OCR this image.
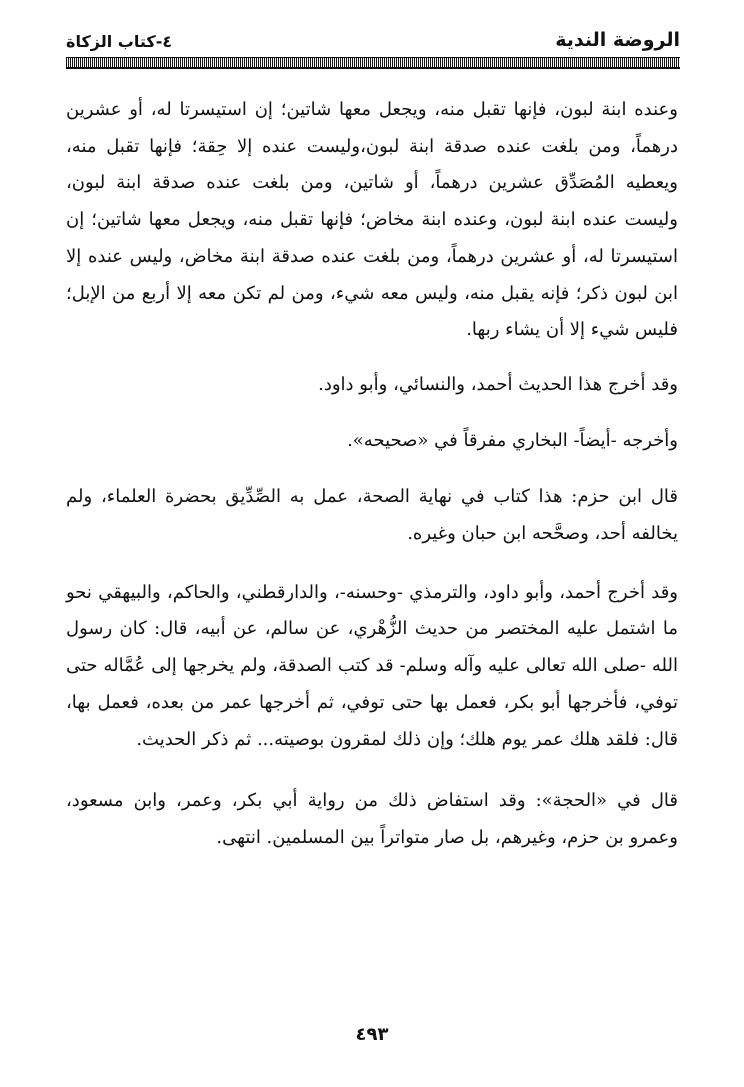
الروضة الندية
٤-كتاب الزكاة

وعنده ابنة لبون، فإنها تقبل منه، ويجعل معها شاتين؛ إن استيسرتا له، أو عشرين درهماً، ومن بلغت عنده صدقة ابنة لبون،وليست عنده إلا حِقة؛ فإنها تقبل منه، ويعطيه المُصَدِّق عشرين درهماً، أو شاتين، ومن بلغت عنده صدقة ابنة لبون، وليست عنده ابنة لبون، وعنده ابنة مخاض؛ فإنها تقبل منه، ويجعل معها شاتين؛ إن استيسرتا له، أو عشرين درهماً، ومن بلغت عنده صدقة ابنة مخاض، وليس عنده إلا ابن لبون ذكر؛ فإنه يقبل منه، وليس معه شيء، ومن لم تكن معه إلا أربع من الإبل؛ فليس شيء إلا أن يشاء ربها.

وقد أخرج هذا الحديث أحمد، والنسائي، وأبو داود.

وأخرجه -أيضاً- البخاري مفرقاً في «صحيحه».

قال ابن حزم: هذا كتاب في نهاية الصحة، عمل به الصِّدِّيق بحضرة العلماء، ولم يخالفه أحد، وصحَّحه ابن حبان وغيره.

وقد أخرج أحمد، وأبو داود، والترمذي -وحسنه-، والدارقطني، والحاكم، والبيهقي نحو ما اشتمل عليه المختصر من حديث الزُّهْري، عن سالم، عن أبيه، قال: كان رسول الله -صلى الله تعالى عليه وآله وسلم- قد كتب الصدقة، ولم يخرجها إلى عُمَّاله حتى توفي، فأخرجها أبو بكر، فعمل بها حتى توفي، ثم أخرجها عمر من بعده، فعمل بها، قال: فلقد هلك عمر يوم هلك؛ وإن ذلك لمقرون بوصيته... ثم ذكر الحديث.

قال في «الحجة»: وقد استفاض ذلك من رواية أبي بكر، وعمر، وابن مسعود، وعمرو بن حزم، وغيرهم، بل صار متواتراً بين المسلمين. انتهى.

٤٩٣
